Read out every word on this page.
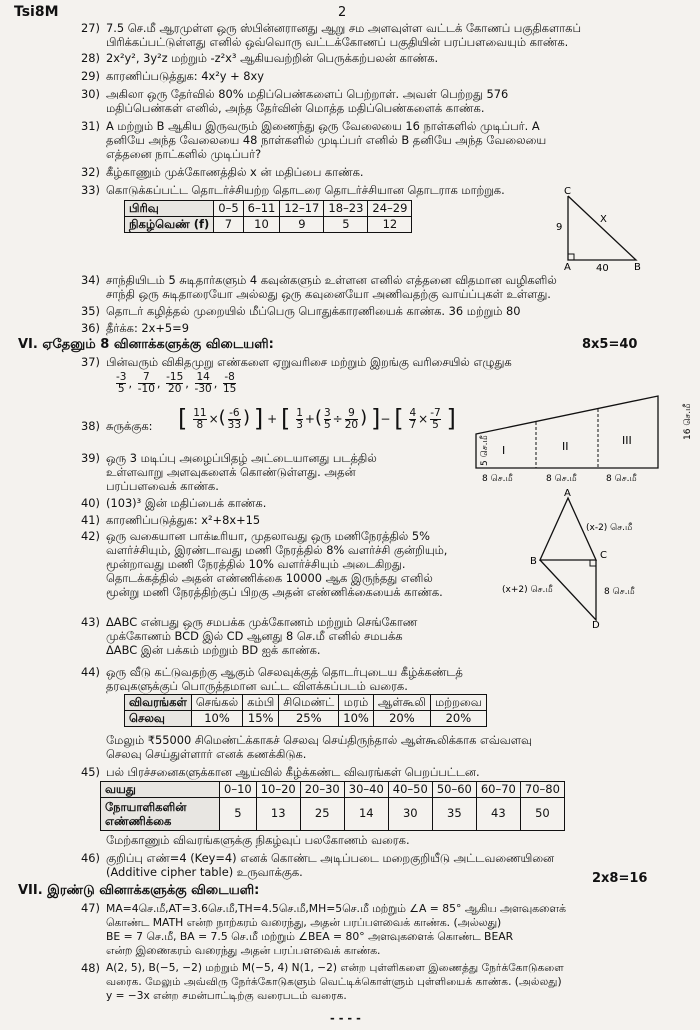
Tsi8M	2
27) 7.5 செ.மீ ஆரமுள்ள ஒரு ஸ்பின்னரானது ஆறு சம அளவுள்ள வட்டக் கோணப் பகுதிகளாகப்
பிரிக்கப்பட்டுள்ளது எனில் ஒவ்வொரு வட்டக்கோணப் பகுதியின் பரப்பளவையும் காண்க.
28) 2x²y², 3y²z மற்றும் -z²x³ ஆகியவற்றின் பெருக்கற்பலன் காண்க.
29) காரணிப்படுத்துக: 4x²y + 8xy
30) அகிலா ஒரு தேர்வில் 80% மதிப்பெண்களைப் பெற்றாள். அவள் பெற்றது 576
மதிப்பெண்கள் எனில், அந்த தேர்வின் மொத்த மதிப்பெண்களைக் காண்க.
31) A மற்றும் B ஆகிய இருவரும் இணைந்து ஒரு வேலையை 16 நாள்களில் முடிப்பர். A
தனியே அந்த வேலையை 48 நாள்களில் முடிப்பர் எனில் B தனியே அந்த வேலையை
எத்தனை நாட்களில் முடிப்பர்?
32) கீழ்காணும் முக்கோணத்தில் x ன் மதிப்பை காண்க.
33) கொடுக்கப்பட்ட தொடர்ச்சியற்ற தொடரை தொடர்ச்சியான தொடராக மாற்றுக.
பிரிவு	0–5	6–11	12–17	18–23	24–29
நிகழ்வெண் (f)	7	10	9	5	12
C
A	B
9
X
40
34) சாந்தியிடம் 5 சுடிதார்களும் 4 கவுன்களும் உள்ளன எனில் எத்தனை விதமான வழிகளில்
சாந்தி ஒரு சுடிதாரையோ அல்லது ஒரு கவுனையோ அணிவதற்கு வாய்ப்புகள் உள்ளது.
35) தொடர் கழித்தல் முறையில் மீப்பெரு பொதுக்காரணியைக் காண்க. 36 மற்றும் 80
36) தீர்க்க: 2x+5=9
VI. ஏதேனும் 8 வினாக்களுக்கு விடையளி:	8x5=40
37) பின்வரும் விகிதமுறு எண்களை ஏறுவரிசை மற்றும் இறங்கு வரிசையில் எழுதுக
$\frac{-3}{5}$ , $\frac{7}{-10}$ , $\frac{-15}{20}$ , $\frac{14}{-30}$ , $\frac{-8}{15}$
38) சுருக்குக: [ $\frac{11}{8}$ ×( $\frac{-6}{33}$ ) ] + [ $\frac{1}{3}$ +( $\frac{3}{5} \div \frac{9}{20}$ ) ]− [ $\frac{4}{7} \times \frac{-7}{5}$ ]
I	II	III
5 செ.மீ
16 செ.மீ
8 செ.மீ	8 செ.மீ	8 செ.மீ
39) ஒரு 3 மடிப்பு அழைப்பிதழ் அட்டையானது படத்தில்
உள்ளவாறு அளவுகளைக் கொண்டுள்ளது. அதன்
பரப்பளவைக் காண்க.
40) (103)³ இன் மதிப்பைக் காண்க.
41) காரணிப்படுத்துக: x²+8x+15
42) ஒரு வகையான பாக்டீரியா, முதலாவது ஒரு மணிநேரத்தில் 5%
வளர்ச்சியும், இரண்டாவது மணி நேரத்தில் 8% வளர்ச்சி குன்றியும்,
மூன்றாவது மணி நேரத்தில் 10% வளர்ச்சியும் அடைகிறது.
தொடக்கத்தில் அதன் எண்ணிக்கை 10000 ஆக இருந்தது எனில்
மூன்று மணி நேரத்திற்குப் பிறகு அதன் எண்ணிக்கையைக் காண்க.
A
B
C
D
(x-2) செ.மீ
(x+2) செ.மீ	8 செ.மீ
43) ΔABC என்பது ஒரு சமபக்க முக்கோணம் மற்றும் செங்கோண
முக்கோணம் BCD இல் CD ஆனது 8 செ.மீ எனில் சமபக்க
ΔABC இன் பக்கம் மற்றும் BD ஐக் காண்க.
44) ஒரு வீடு கட்டுவதற்கு ஆகும் செலவுக்குத் தொடர்புடைய கீழ்க்கண்டத்
தரவுகளுக்குப் பொருத்தமான வட்ட விளக்கப்படம் வரைக.
விவரங்கள்	செங்கல்	கம்பி	சிமெண்ட்	மரம்	ஆள்கூலி	மற்றவை
செலவு	10%	15%	25%	10%	20%	20%
மேலும் ₹55000 சிமெண்ட்க்காகச் செலவு செய்திருந்தால் ஆள்கூலிக்காக எவ்வளவு
செலவு செய்துள்ளார் எனக் கணக்கிடுக.
45) பல் பிரச்சனைகளுக்கான ஆய்வில் கீழ்க்கண்ட விவரங்கள் பெறப்பட்டன.
வயது	0–10	10–20	20–30	30–40	40–50	50–60	60–70	70–80
நோயாளிகளின்
எண்ணிக்கை	5	13	25	14	30	35	43	50
மேற்காணும் விவரங்களுக்கு நிகழ்வுப் பலகோணம் வரைக.
46) குறிப்பு எண்=4 (Key=4) எனக் கொண்ட அடிப்படை மறைகுறியீடு அட்டவணையினை
(Additive cipher table) உருவாக்குக.
VII. இரண்டு வினாக்களுக்கு விடையளி:
2x8=16
47) MA=4செ.மீ,AT=3.6செ.மீ,TH=4.5செ.மீ,MH=5செ.மீ மற்றும் ∠A = 85° ஆகிய அளவுகளைக்
கொண்ட MATH என்ற நாற்கரம் வரைந்து, அதன் பரப்பளவைக் காண்க. (அல்லது)
BE = 7 செ.மீ, BA = 7.5 செ.மீ மற்றும் ∠BEA = 80° அளவுகளைக் கொண்ட BEAR
என்ற இணைகரம் வரைந்து அதன் பரப்பளவைக் காண்க.
48) A(2, 5), B(−5, −2) மற்றும் M(−5, 4) N(1, −2) என்ற புள்ளிகளை இணைத்து நேர்க்கோடுகளை
வரைக. மேலும் அவ்விரு நேர்க்கோடுகளும் வெட்டிக்கொள்ளும் புள்ளியைக் காண்க. (அல்லது)
y = −3x என்ற சமன்பாட்டிற்கு வரைபடம் வரைக.
- - - -
